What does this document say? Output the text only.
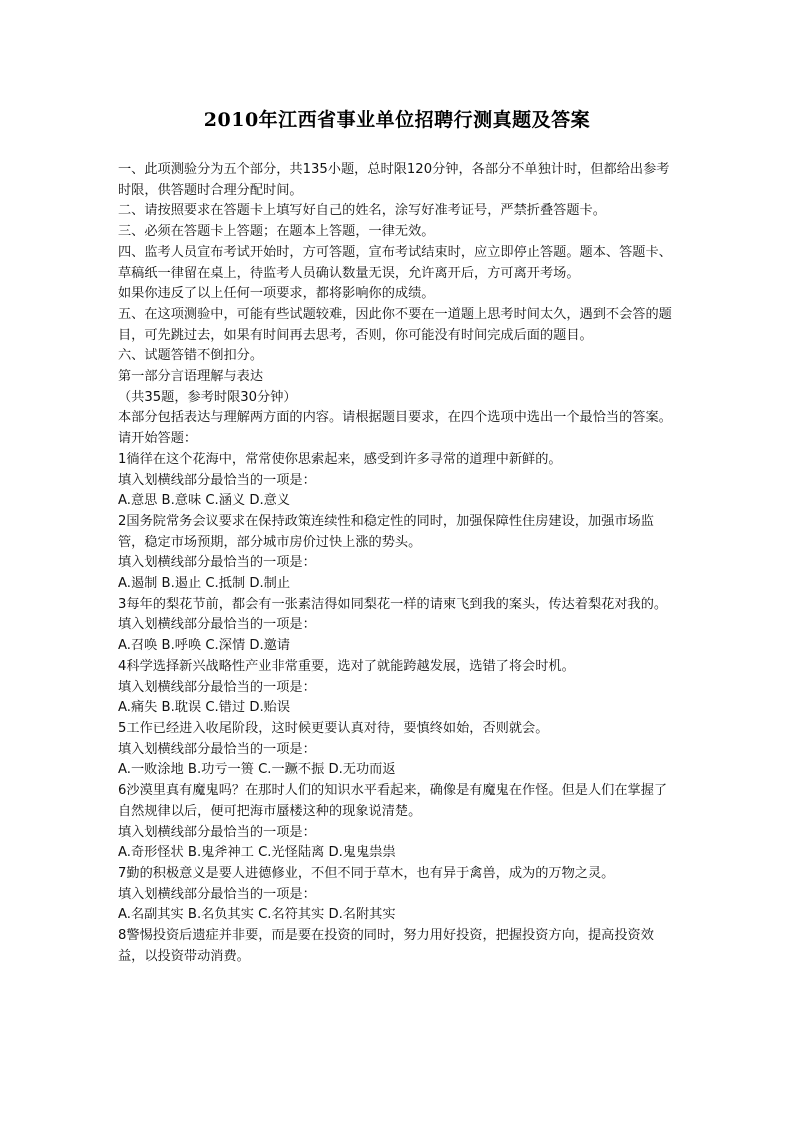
2010年江西省事业单位招聘行测真题及答案

一、此项测验分为五个部分，共135小题，总时限120分钟，各部分不单独计时，但都给出参考时限，供答题时合理分配时间。

二、请按照要求在答题卡上填写好自己的姓名，涂写好准考证号，严禁折叠答题卡。

三、必须在答题卡上答题；在题本上答题，一律无效。

四、监考人员宣布考试开始时，方可答题，宣布考试结束时，应立即停止答题。题本、答题卡、草稿纸一律留在桌上，待监考人员确认数量无误，允许离开后，方可离开考场。

如果你违反了以上任何一项要求，都将影响你的成绩。

五、在这项测验中，可能有些试题较难，因此你不要在一道题上思考时间太久，遇到不会答的题目，可先跳过去，如果有时间再去思考，否则，你可能没有时间完成后面的题目。

六、试题答错不倒扣分。

第一部分言语理解与表达

（共35题，参考时限30分钟）

本部分包括表达与理解两方面的内容。请根据题目要求，在四个选项中选出一个最恰当的答案。

请开始答题：

1徜徉在这个花海中，常常使你思索起来，感受到许多寻常的道理中新鲜的。

填入划横线部分最恰当的一项是：

A.意思 B.意味 C.涵义 D.意义

2国务院常务会议要求在保持政策连续性和稳定性的同时，加强保障性住房建设，加强市场监管，稳定市场预期，部分城市房价过快上涨的势头。

填入划横线部分最恰当的一项是：

A.遏制 B.遏止 C.抵制 D.制止

3每年的梨花节前，都会有一张素洁得如同梨花一样的请柬飞到我的案头，传达着梨花对我的。

填入划横线部分最恰当的一项是：

A.召唤 B.呼唤 C.深情 D.邀请

4科学选择新兴战略性产业非常重要，选对了就能跨越发展，选错了将会时机。

填入划横线部分最恰当的一项是：

A.痛失 B.耽误 C.错过 D.贻误

5工作已经进入收尾阶段，这时候更要认真对待，要慎终如始，否则就会。

填入划横线部分最恰当的一项是：

A.一败涂地 B.功亏一篑 C.一蹶不振 D.无功而返

6沙漠里真有魔鬼吗？在那时人们的知识水平看起来，确像是有魔鬼在作怪。但是人们在掌握了自然规律以后，便可把海市蜃楼这种的现象说清楚。

填入划横线部分最恰当的一项是：

A.奇形怪状 B.鬼斧神工 C.光怪陆离 D.鬼鬼祟祟

7勤的积极意义是要人进德修业，不但不同于草木，也有异于禽兽，成为的万物之灵。

填入划横线部分最恰当的一项是：

A.名副其实 B.名负其实 C.名符其实 D.名附其实

8警惕投资后遗症并非要，而是要在投资的同时，努力用好投资，把握投资方向，提高投资效益，以投资带动消费。
